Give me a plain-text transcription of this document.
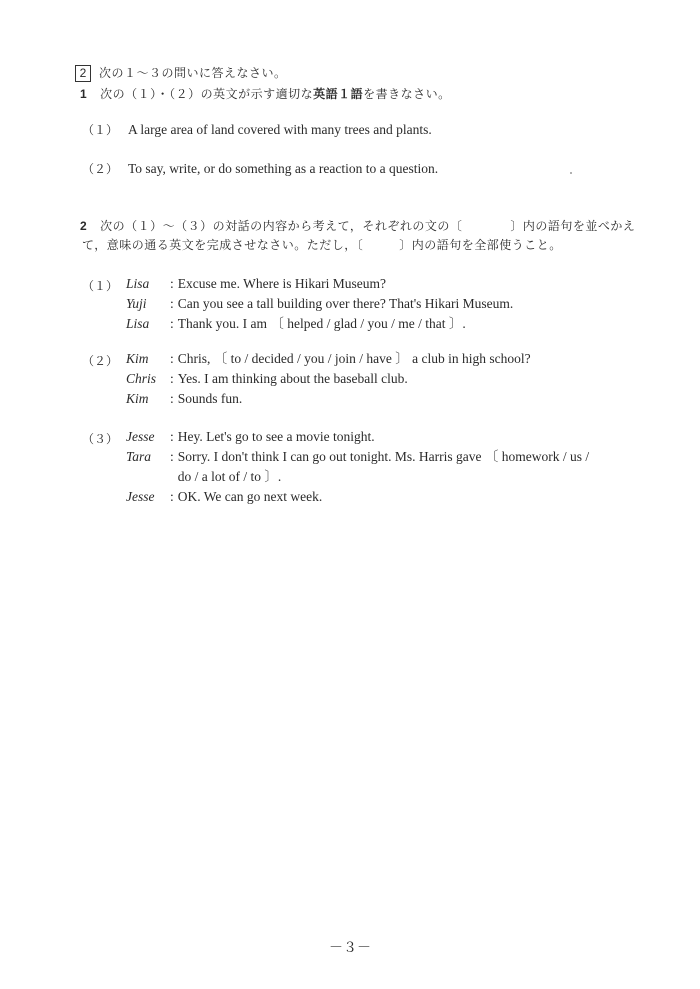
2 次の１～３の問いに答えなさい。
1 次の（１）・（２）の英文が示す適切な英語１語を書きなさい。
（１） A large area of land covered with many trees and plants.
（２） To say, write, or do something as a reaction to a question.
2 次の（１）～（３）の対話の内容から考えて，それぞれの文の〔	〕内の語句を並べかえ
て，意味の通る英文を完成させなさい。ただし，〔	〕内の語句を全部使うこと。
（１） Lisa : Excuse me. Where is Hikari Museum?
Yuji : Can you see a tall building over there? That's Hikari Museum.
Lisa : Thank you. I am 〔 helped / glad / you / me / that 〕.
（２） Kim : Chris, 〔 to / decided / you / join / have 〕 a club in high school?
Chris : Yes. I am thinking about the baseball club.
Kim : Sounds fun.
（３） Jesse : Hey. Let's go to see a movie tonight.
Tara : Sorry. I don't think I can go out tonight. Ms. Harris gave 〔 homework / us /
do / a lot of / to 〕.
Jesse : OK. We can go next week.
－３－
